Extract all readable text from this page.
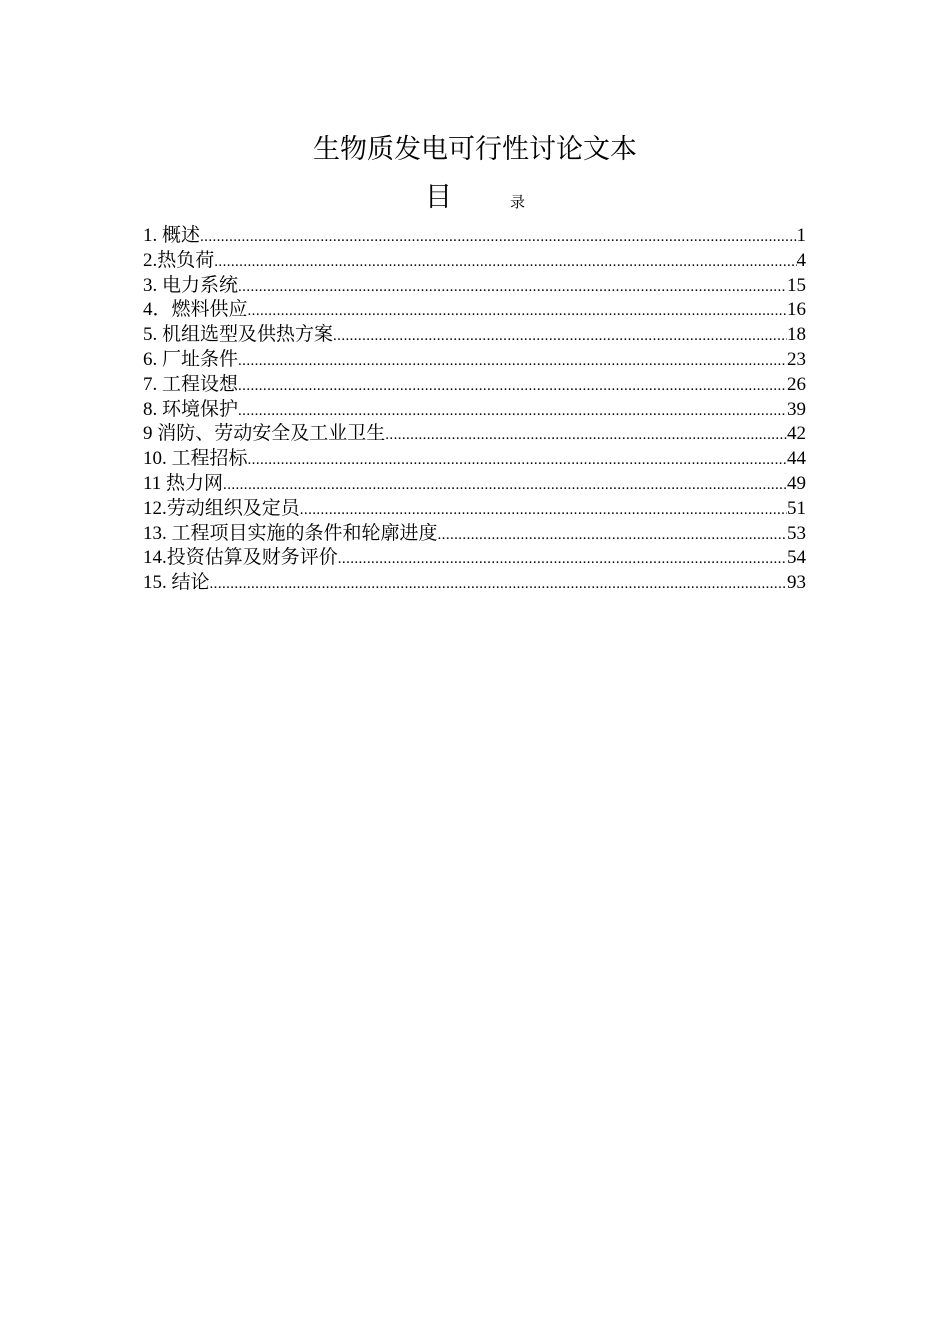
生物质发电可行性讨论文本
目	录
1. 概述 .....	1
2.热负荷 .....	4
3. 电力系统 .....	15
4．燃料供应 .....	16
5. 机组选型及供热方案 .....	18
6. 厂址条件 .....	23
7. 工程设想 .....	26
8. 环境保护 .....	39
9 消防、劳动安全及工业卫生 .....	42
10. 工程招标 .....	44
11 热力网 .....	49
12.劳动组织及定员 .....	51
13. 工程项目实施的条件和轮廓进度 .....	53
14.投资估算及财务评价 .....	54
15. 结论 .....	93
